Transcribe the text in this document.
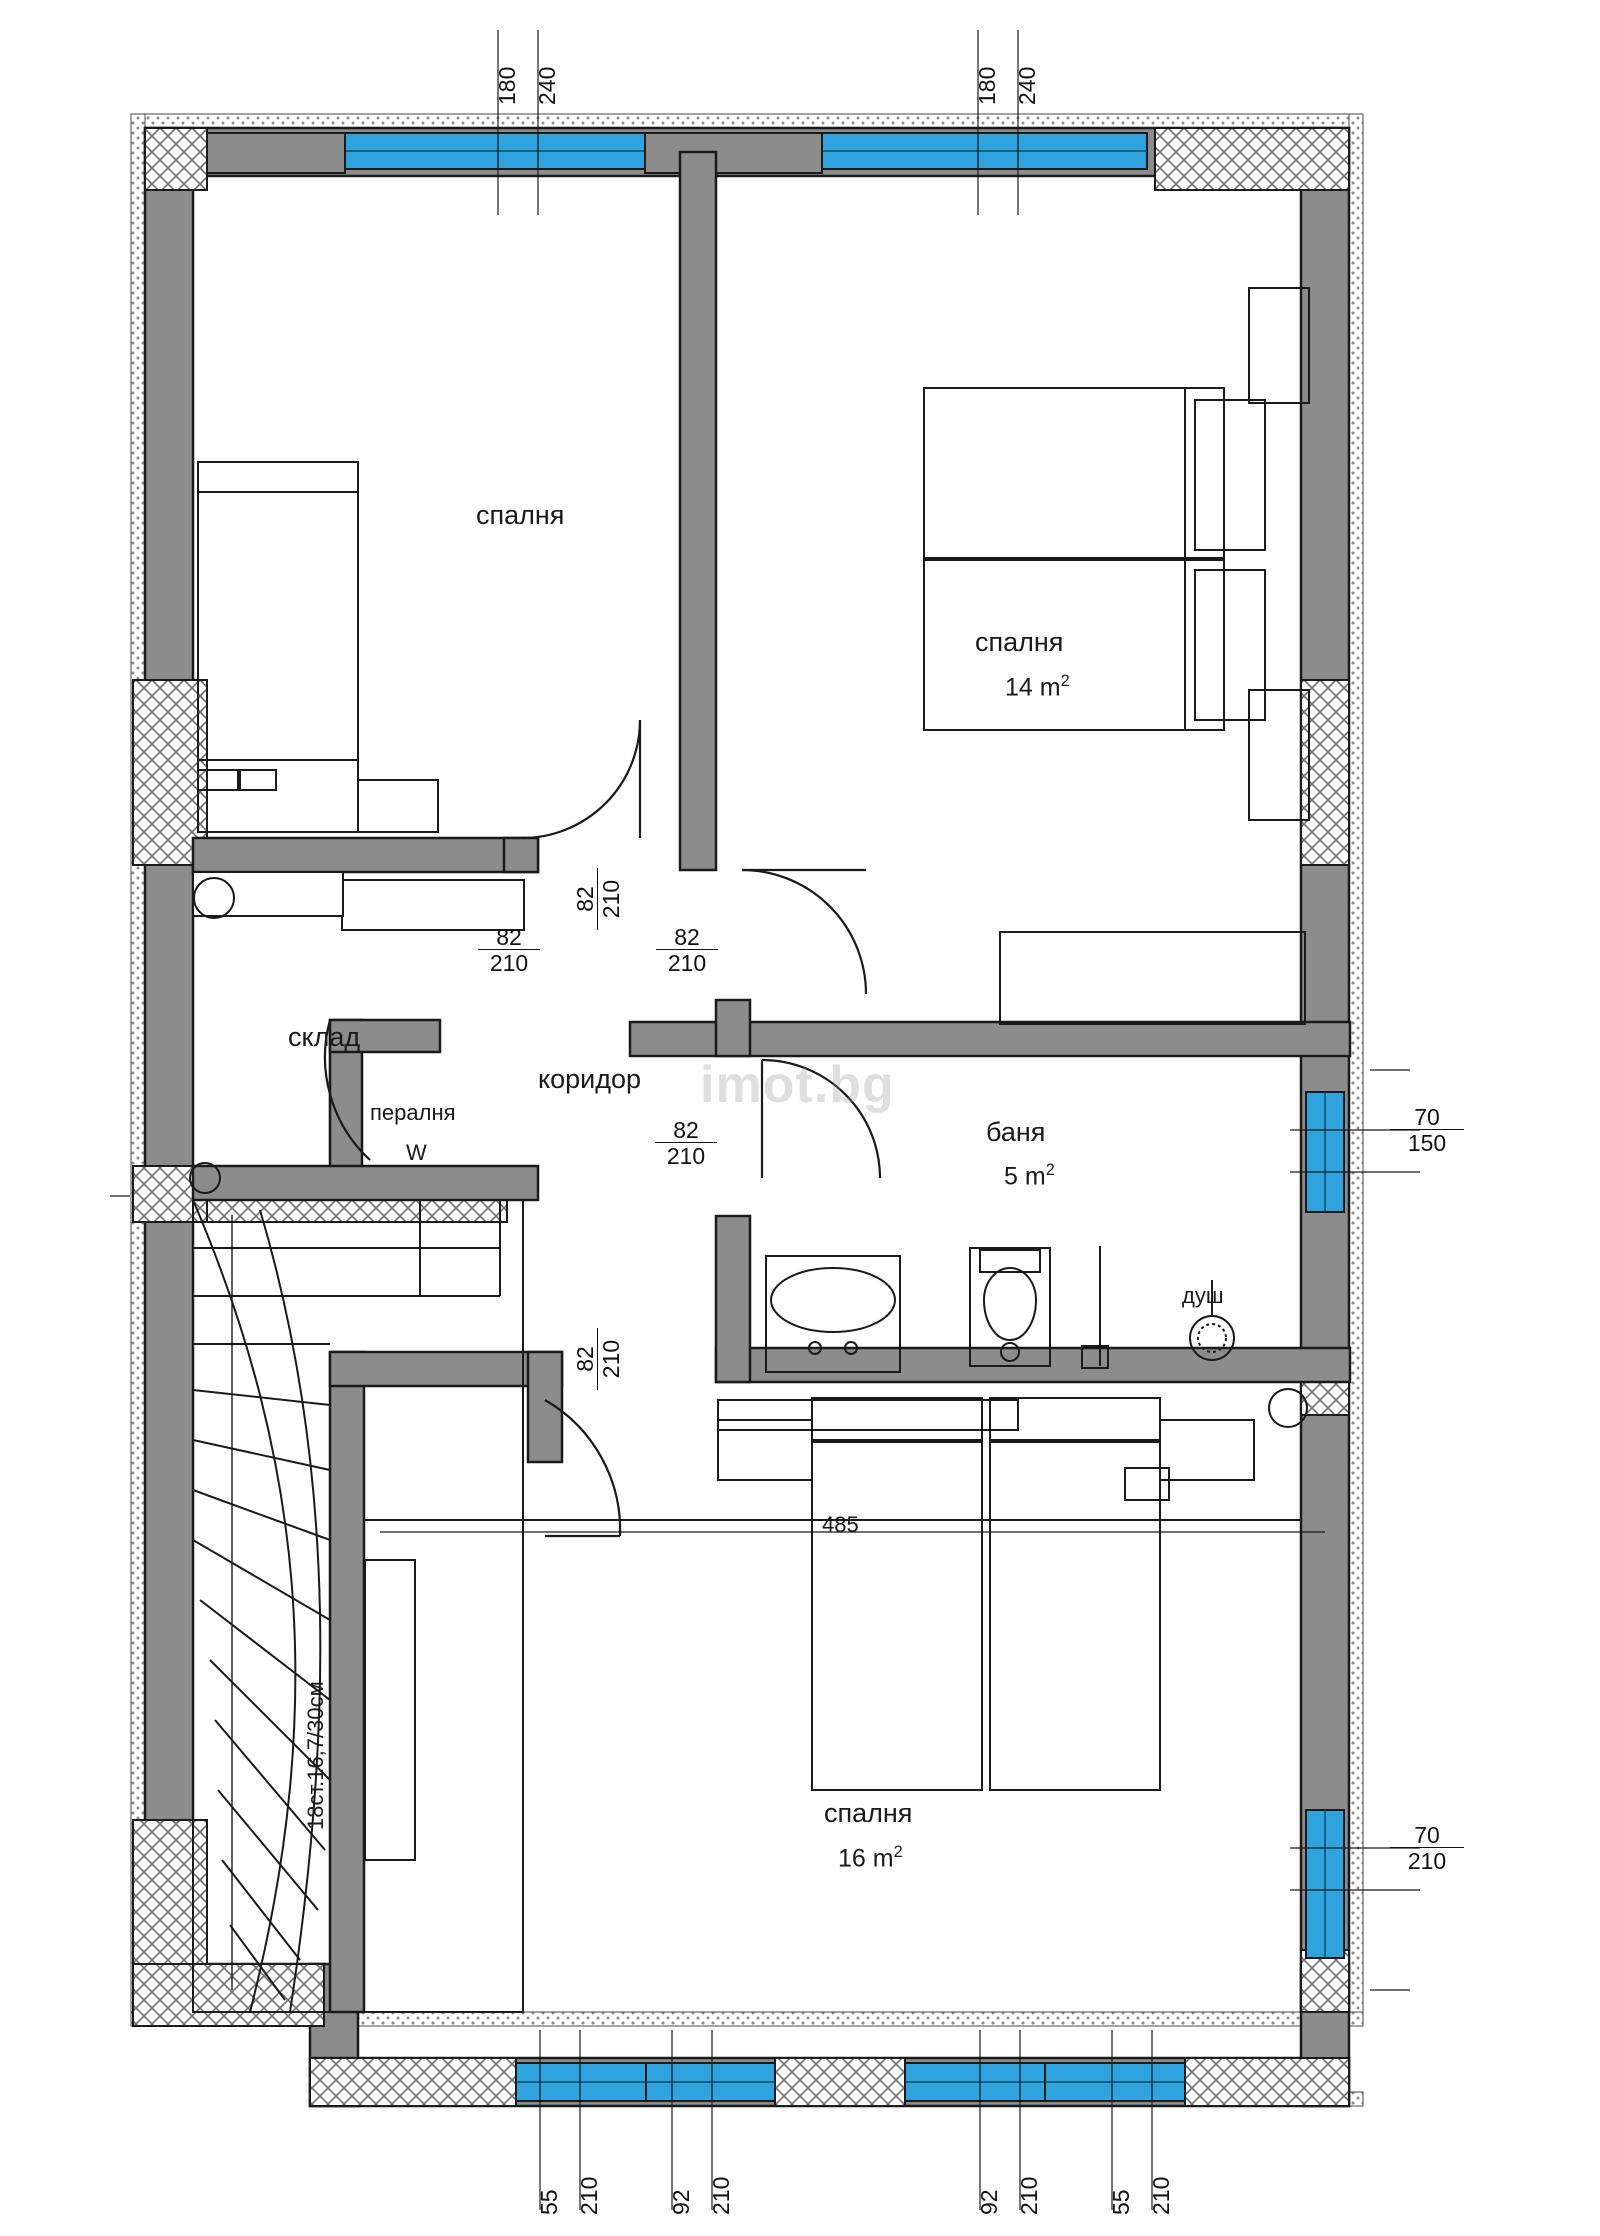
imot.bg
спалня
спалня
14 $m^2$
спалня
16 $m^2$
баня
5 $m^2$
коридор
склад
пералня
W
душ
18ст.16,7/30см
485
180 240	180 240
55 210	92 210	92 210	55 210
70
150
70
210
82
210
82
210
82 210
82
210
82 210
